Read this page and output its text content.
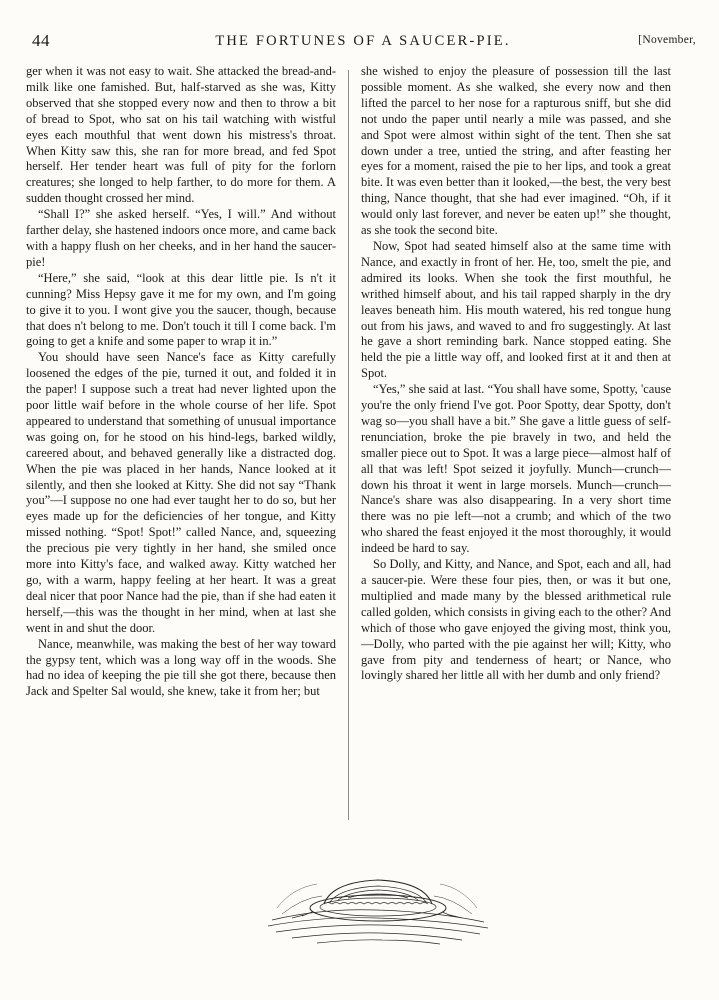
44	THE FORTUNES OF A SAUCER-PIE.	[November,

ger when it was not easy to wait. She attacked the bread-and-milk like one famished. But, half-starved as she was, Kitty observed that she stopped every now and then to throw a bit of bread to Spot, who sat on his tail watching with wistful eyes each mouthful that went down his mistress's throat. When Kitty saw this, she ran for more bread, and fed Spot herself. Her tender heart was full of pity for the forlorn creatures; she longed to help farther, to do more for them. A sudden thought crossed her mind.

“Shall I?” she asked herself. “Yes, I will.” And without farther delay, she hastened indoors once more, and came back with a happy flush on her cheeks, and in her hand the saucer-pie!

“Here,” she said, “look at this dear little pie. Is n't it cunning? Miss Hepsy gave it me for my own, and I'm going to give it to you. I wont give you the saucer, though, because that does n't belong to me. Don't touch it till I come back. I'm going to get a knife and some paper to wrap it in.”

You should have seen Nance's face as Kitty carefully loosened the edges of the pie, turned it out, and folded it in the paper! I suppose such a treat had never lighted upon the poor little waif before in the whole course of her life. Spot appeared to understand that something of unusual importance was going on, for he stood on his hind-legs, barked wildly, careered about, and behaved generally like a distracted dog. When the pie was placed in her hands, Nance looked at it silently, and then she looked at Kitty. She did not say “Thank you”—I suppose no one had ever taught her to do so, but her eyes made up for the deficiencies of her tongue, and Kitty missed nothing. “Spot! Spot!” called Nance, and, squeezing the precious pie very tightly in her hand, she smiled once more into Kitty's face, and walked away. Kitty watched her go, with a warm, happy feeling at her heart. It was a great deal nicer that poor Nance had the pie, than if she had eaten it herself,—this was the thought in her mind, when at last she went in and shut the door.

Nance, meanwhile, was making the best of her way toward the gypsy tent, which was a long way off in the woods. She had no idea of keeping the pie till she got there, because then Jack and Spelter Sal would, she knew, take it from her; but

she wished to enjoy the pleasure of possession till the last possible moment. As she walked, she every now and then lifted the parcel to her nose for a rapturous sniff, but she did not undo the paper until nearly a mile was passed, and she and Spot were almost within sight of the tent. Then she sat down under a tree, untied the string, and after feasting her eyes for a moment, raised the pie to her lips, and took a great bite. It was even better than it looked,—the best, the very best thing, Nance thought, that she had ever imagined. “Oh, if it would only last forever, and never be eaten up!” she thought, as she took the second bite.

Now, Spot had seated himself also at the same time with Nance, and exactly in front of her. He, too, smelt the pie, and admired its looks. When she took the first mouthful, he writhed himself about, and his tail rapped sharply in the dry leaves beneath him. His mouth watered, his red tongue hung out from his jaws, and waved to and fro suggestingly. At last he gave a short reminding bark. Nance stopped eating. She held the pie a little way off, and looked first at it and then at Spot.

“Yes,” she said at last. “You shall have some, Spotty, 'cause you're the only friend I've got. Poor Spotty, dear Spotty, don't wag so—you shall have a bit.” She gave a little guess of self-renunciation, broke the pie bravely in two, and held the smaller piece out to Spot. It was a large piece—almost half of all that was left! Spot seized it joyfully. Munch—crunch—down his throat it went in large morsels. Munch—crunch—Nance's share was also disappearing. In a very short time there was no pie left—not a crumb; and which of the two who shared the feast enjoyed it the most thoroughly, it would indeed be hard to say.

So Dolly, and Kitty, and Nance, and Spot, each and all, had a saucer-pie. Were these four pies, then, or was it but one, multiplied and made many by the blessed arithmetical rule called golden, which consists in giving each to the other? And which of those who gave enjoyed the giving most, think you,—Dolly, who parted with the pie against her will; Kitty, who gave from pity and tenderness of heart; or Nance, who lovingly shared her little all with her dumb and only friend?
